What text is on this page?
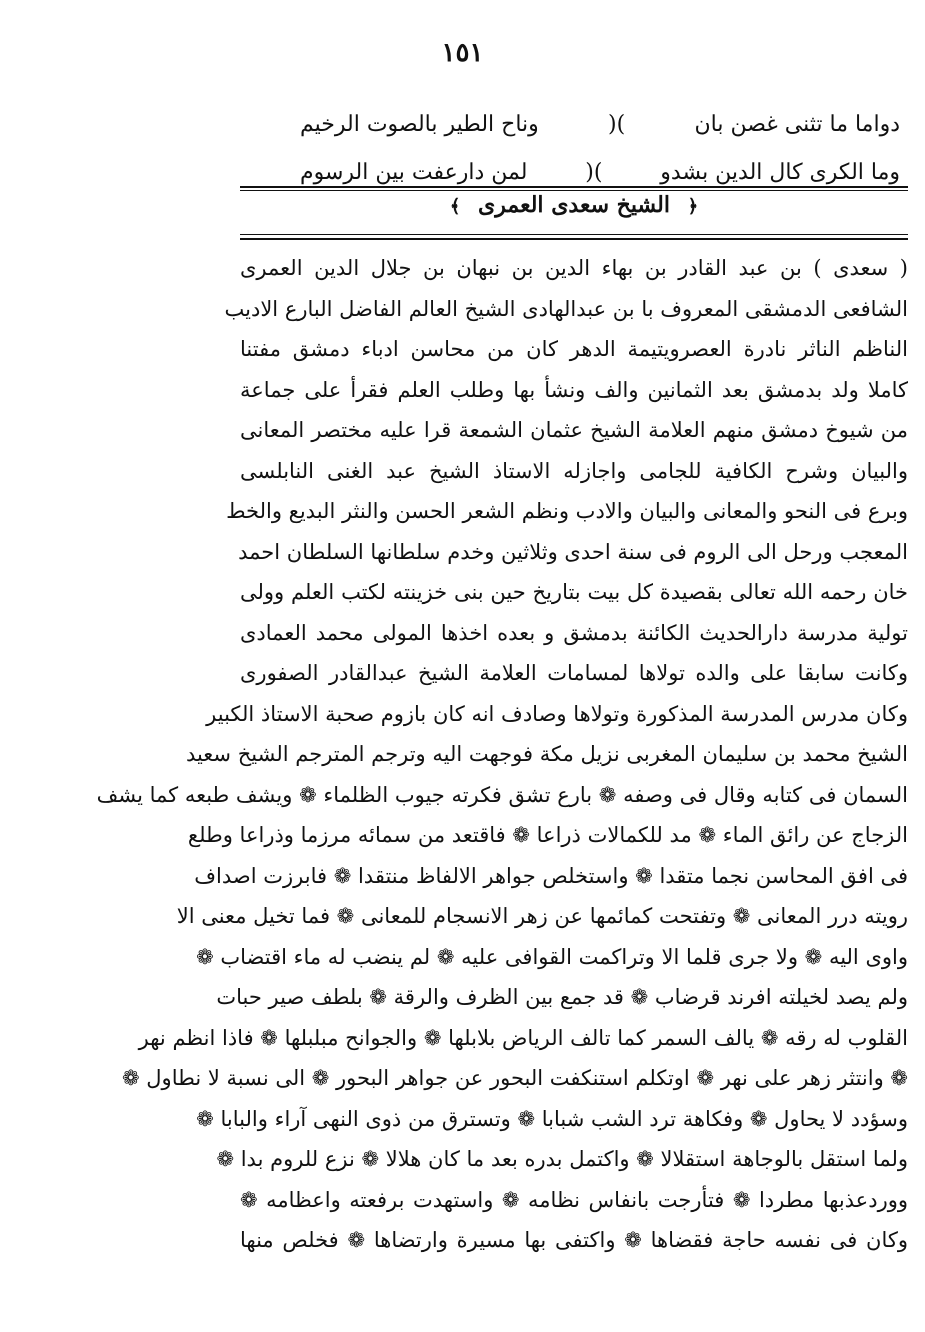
١٥١
دواما ما تثنى غصن بان
)(
وناح الطير بالصوت الرخيم
وما الكرى كال الدين بشدو
)(
لمن دارعفت بين الرسوم
﴿ الشيخ سعدى العمرى ﴾
( سعدى ) بن عبد القادر بن بهاء الدين بن نبهان بن جلال الدين العمرى
الشافعى الدمشقى المعروف با بن عبدالهادى الشيخ العالم الفاضل البارع الاديب
الناظم الناثر نادرة العصرويتيمة الدهر كان من محاسن ادباء دمشق مفتنا
كاملا ولد بدمشق بعد الثمانين والف ونشأ بها وطلب العلم فقرأ على جماعة
من شيوخ دمشق منهم العلامة الشيخ عثمان الشمعة قرا عليه مختصر المعانى
والبيان وشرح الكافية للجامى واجازله الاستاذ الشيخ عبد الغنى النابلسى
وبرع فى النحو والمعانى والبيان والادب ونظم الشعر الحسن والنثر البديع والخط
المعجب ورحل الى الروم فى سنة احدى وثلاثين وخدم سلطانها السلطان احمد
خان رحمه الله تعالى بقصيدة كل بيت بتاريخ حين بنى خزينته لكتب العلم وولى
تولية مدرسة دارالحديث الكائنة بدمشق و بعده اخذها المولى محمد العمادى
وكانت سابقا على والده تولاها لمسامات العلامة الشيخ عبدالقادر الصفورى
وكان مدرس المدرسة المذكورة وتولاها وصادف انه كان بازوم صحبة الاستاذ الكبير
الشيخ محمد بن سليمان المغربى نزيل مكة فوجهت اليه وترجم المترجم الشيخ سعيد
السمان فى كتابه وقال فى وصفه ❁ بارع تشق فكرته جيوب الظلماء ❁ ويشف طبعه كما يشف
الزجاج عن رائق الماء ❁ مد للكمالات ذراعا ❁ فاقتعد من سمائه مرزما وذراعا وطلع
فى افق المحاسن نجما متقدا ❁ واستخلص جواهر الالفاظ منتقدا ❁ فابرزت اصداف
رويته درر المعانى ❁ وتفتحت كمائمها عن زهر الانسجام للمعانى ❁ فما تخيل معنى الا
واوى اليه ❁ ولا جرى قلما الا وتراكمت القوافى عليه ❁ لم ينضب له ماء اقتضاب ❁
ولم يصد لخيلته افرند قرضاب ❁ قد جمع بين الظرف والرقة ❁ بلطف صير حبات
القلوب له رقه ❁ يالف السمر كما تالف الرياض بلابلها ❁ والجوانح مبلبلها ❁ فاذا انظم نهر
❁ وانتثر زهر على نهر ❁ اوتكلم استنكفت البحور عن جواهر البحور ❁ الى نسبة لا نطاول ❁
وسؤدد لا يحاول ❁ وفكاهة ترد الشب شبابا ❁ وتسترق من ذوى النهى آراء والبابا ❁
ولما استقل بالوجاهة استقلالا ❁ واكتمل بدره بعد ما كان هلالا ❁ نزع للروم بدا ❁
ووردعذبها مطردا ❁ فتأرجت بانفاس نظامه ❁ واستهدت برفعته واعظامه ❁
وكان فى نفسه حاجة فقضاها ❁ واكتفى بها مسيرة وارتضاها ❁ فخلص منها
